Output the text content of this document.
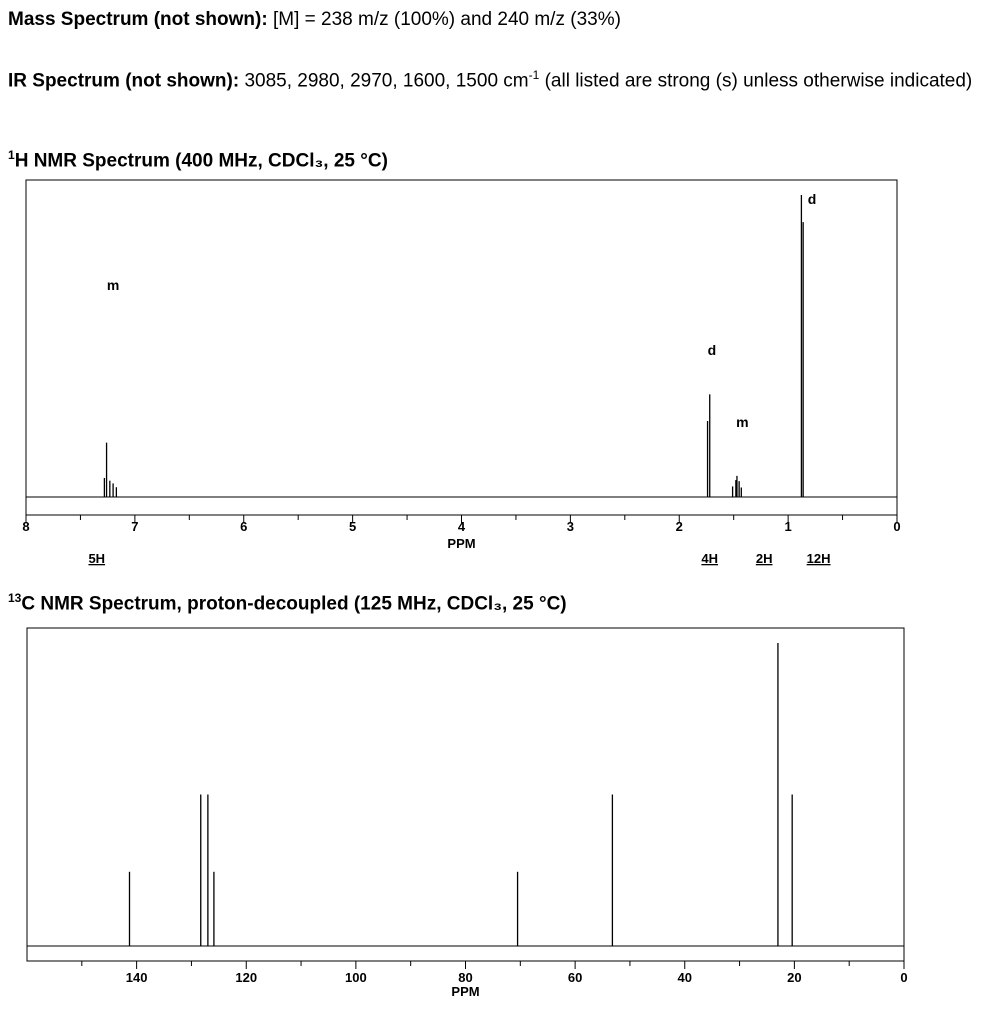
Mass Spectrum (not shown): [M] = 238 m/z (100%) and 240 m/z (33%)

IR Spectrum (not shown): 3085, 2980, 2970, 1600, 1500 $cm^{-1}$ (all listed are strong (s) unless otherwise indicated)

$^1$H NMR Spectrum (400 MHz, CDCl₃, 25 °C)

$^{13}$C NMR Spectrum, proton-decoupled (125 MHz, CDCl₃, 25 °C)

8	7	6	5	4	3	2	1	0
PPM
m
d
m
d
5H	4H	2H	12H
140	120	100	80	60	40	20	0
PPM
